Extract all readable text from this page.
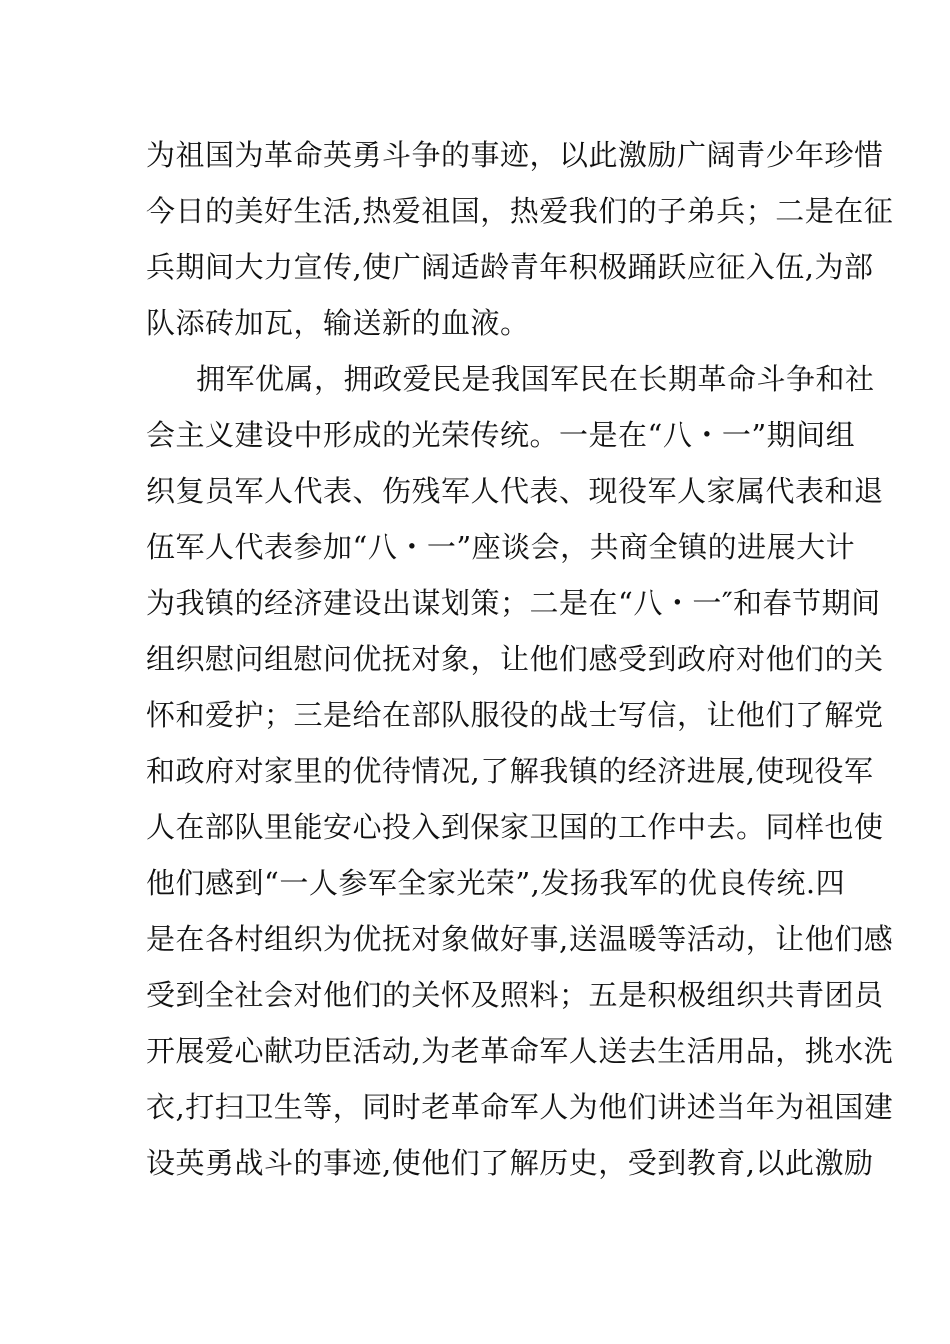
为祖国为革命英勇斗争的事迹，以此激励广阔青少年珍惜
今日的美好生活,热爱祖国，热爱我们的子弟兵；二是在征
兵期间大力宣传,使广阔适龄青年积极踊跃应征入伍,为部
队添砖加瓦，输送新的血液。
拥军优属，拥政爱民是我国军民在长期革命斗争和社
会主义建设中形成的光荣传统。一是在“八・一”期间组
织复员军人代表、伤残军人代表、现役军人家属代表和退
伍军人代表参加“八・一”座谈会，共商全镇的进展大计
为我镇的经济建设出谋划策；二是在“八・一″和春节期间
组织慰问组慰问优抚对象，让他们感受到政府对他们的关
怀和爱护；三是给在部队服役的战士写信，让他们了解党
和政府对家里的优待情况,了解我镇的经济进展,使现役军
人在部队里能安心投入到保家卫国的工作中去。同样也使
他们感到“一人参军全家光荣”,发扬我军的优良传统.四
是在各村组织为优抚对象做好事,送温暖等活动，让他们感
受到全社会对他们的关怀及照料；五是积极组织共青团员
开展爱心献功臣活动,为老革命军人送去生活用品，挑水洗
衣,打扫卫生等，同时老革命军人为他们讲述当年为祖国建
设英勇战斗的事迹,使他们了解历史，受到教育,以此激励
